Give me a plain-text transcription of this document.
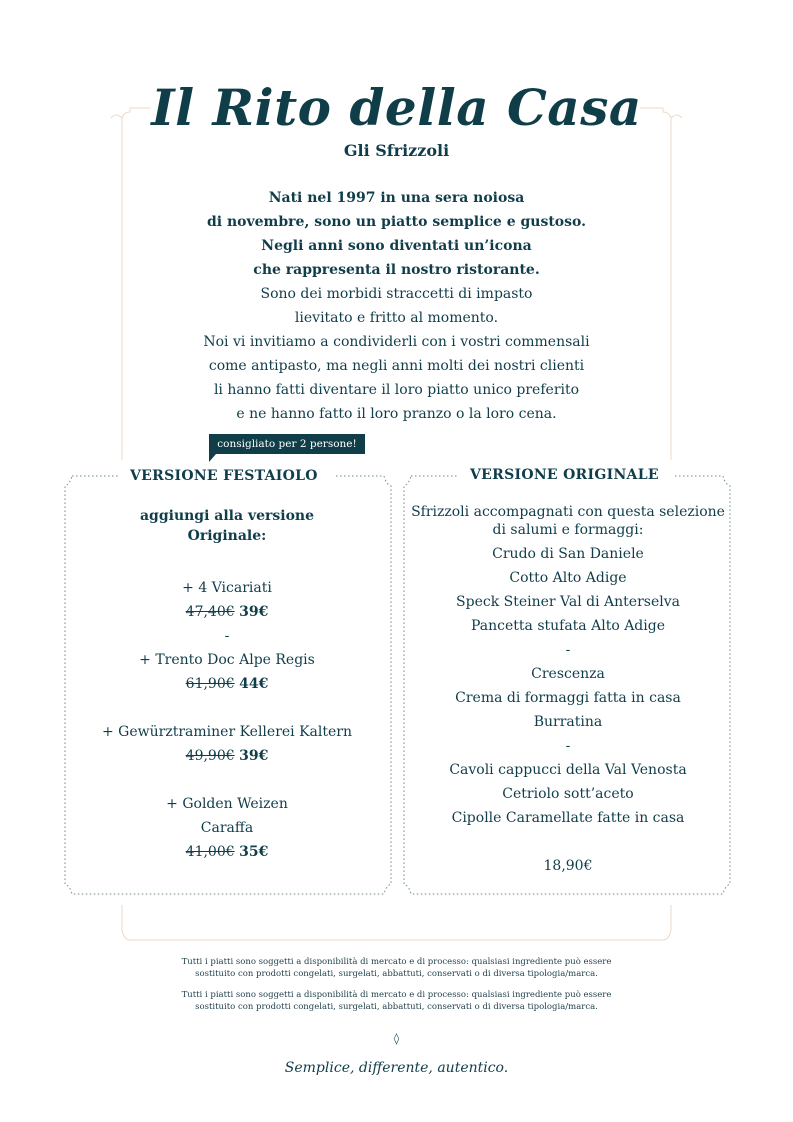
Il Rito della Casa
Gli Sfrizzoli
Nati nel 1997 in una sera noiosa
di novembre, sono un piatto semplice e gustoso.
Negli anni sono diventati un’icona
che rappresenta il nostro ristorante.
Sono dei morbidi straccetti di impasto
lievitato e fritto al momento.
Noi vi invitiamo a condividerli con i vostri commensali
come antipasto, ma negli anni molti dei nostri clienti
li hanno fatti diventare il loro piatto unico preferito
e ne hanno fatto il loro pranzo o la loro cena.
consigliato per 2 persone!
VERSIONE FESTAIOLO
aggiungi alla versione
Originale:
+ 4 Vicariati
47,40€ 39€
-
+ Trento Doc Alpe Regis
61,90€ 44€
+ Gewürztraminer Kellerei Kaltern
49,90€ 39€
+ Golden Weizen
Caraffa
41,00€ 35€
VERSIONE ORIGINALE
Sfrizzoli accompagnati con questa selezione
di salumi e formaggi:
Crudo di San Daniele
Cotto Alto Adige
Speck Steiner Val di Anterselva
Pancetta stufata Alto Adige
-
Crescenza
Crema di formaggi fatta in casa
Burratina
-
Cavoli cappucci della Val Venosta
Cetriolo sott’aceto
Cipolle Caramellate fatte in casa
18,90€
Tutti i piatti sono soggetti a disponibilità di mercato e di processo: qualsiasi ingrediente può essere
sostituito con prodotti congelati, surgelati, abbattuti, conservati o di diversa tipologia/marca.
Tutti i piatti sono soggetti a disponibilità di mercato e di processo: qualsiasi ingrediente può essere
sostituito con prodotti congelati, surgelati, abbattuti, conservati o di diversa tipologia/marca.
◊
Semplice, differente, autentico.
